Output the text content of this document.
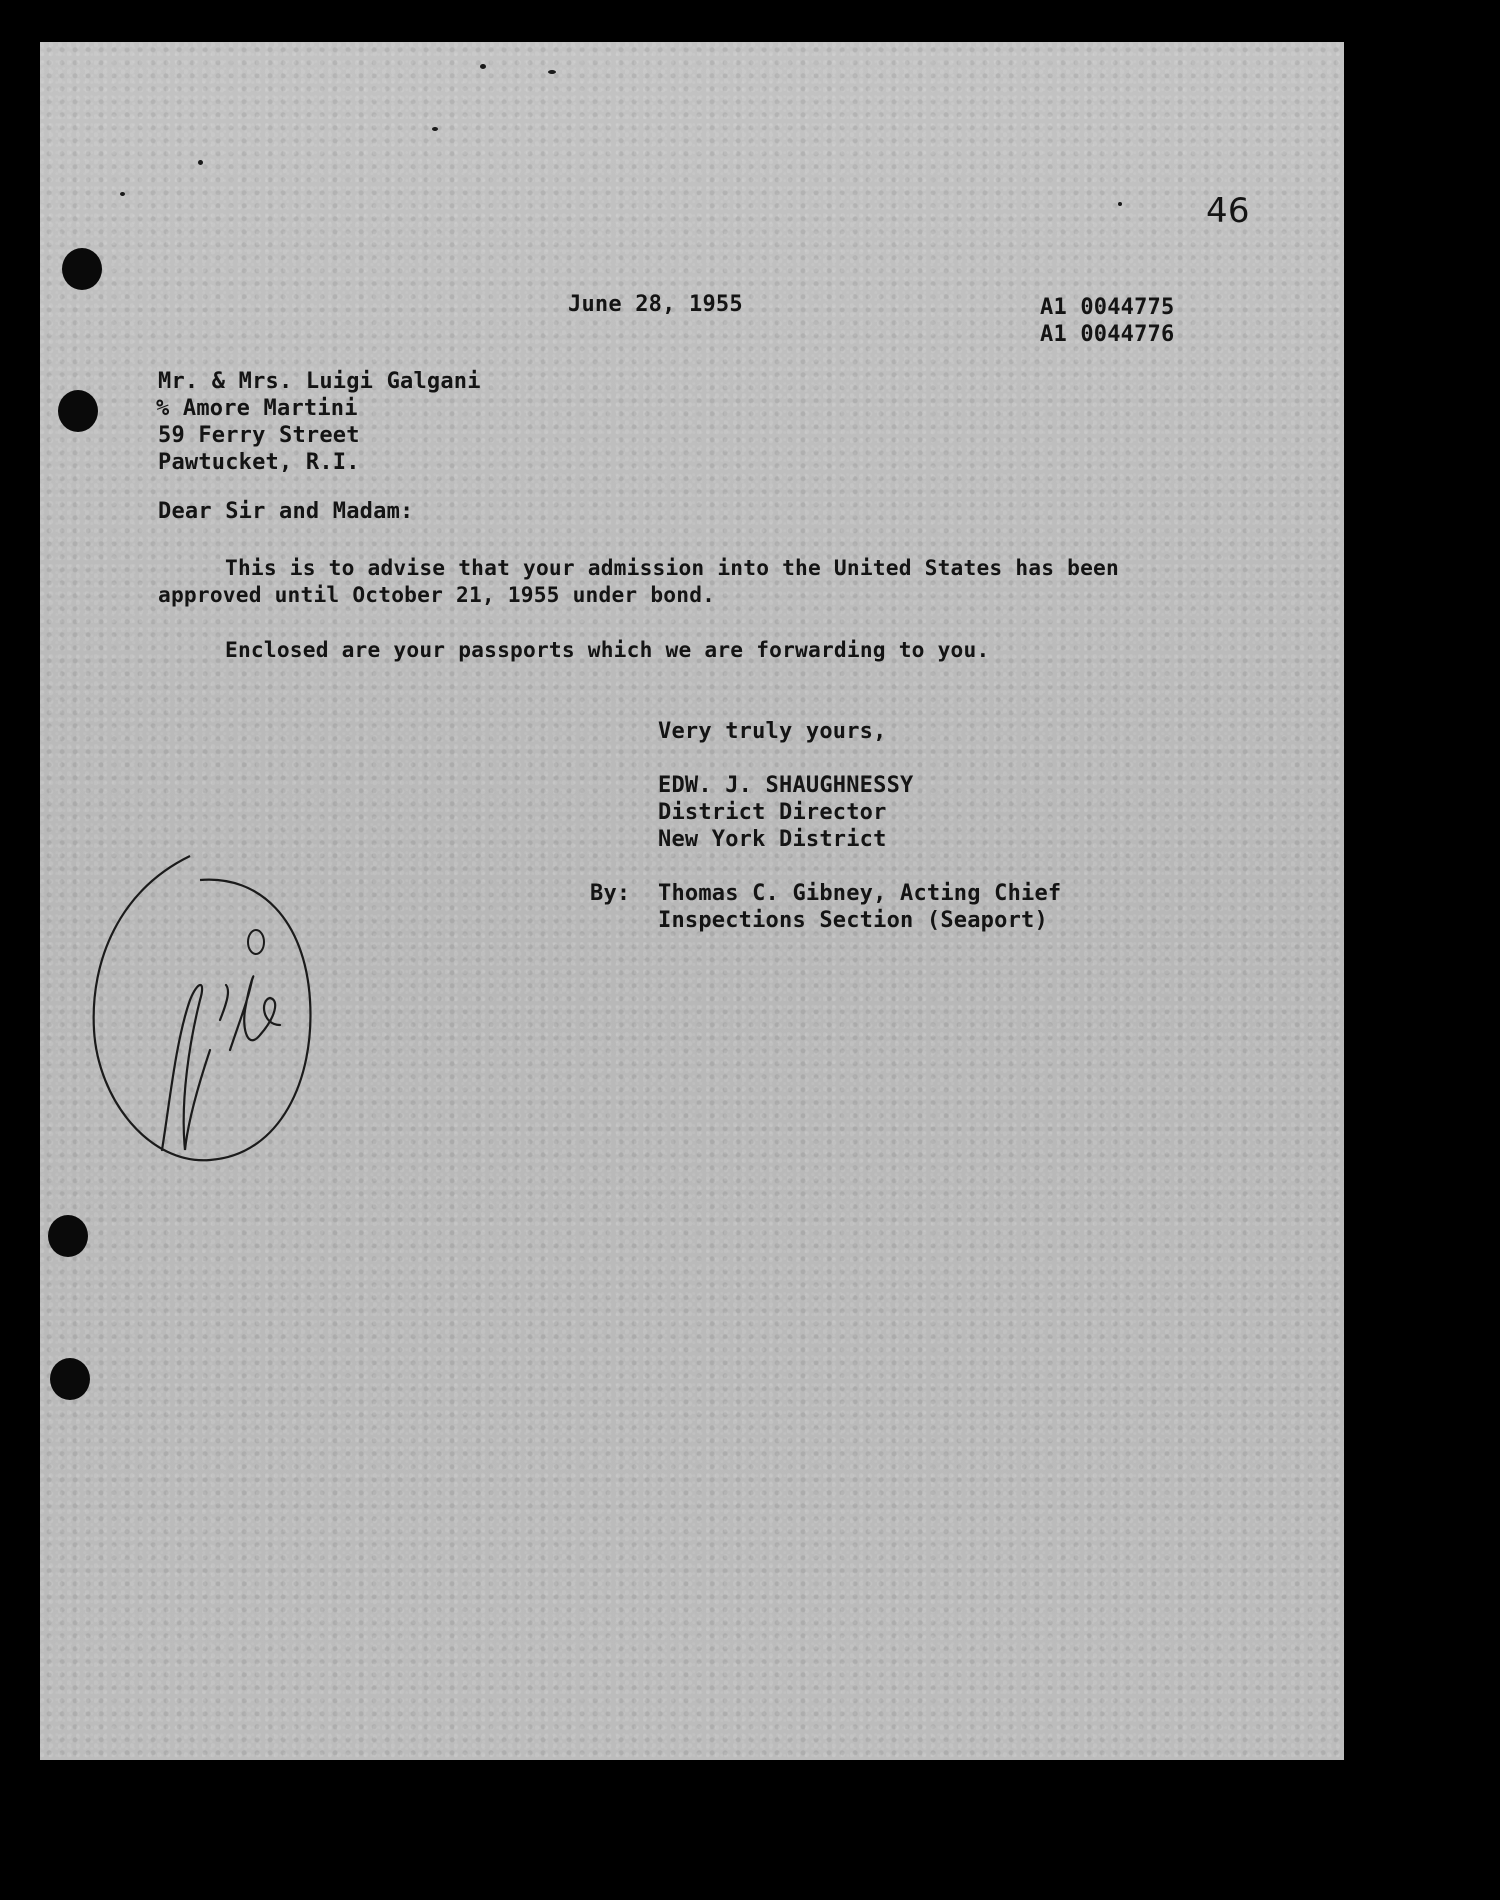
46
June 28, 1955	A1 0044775
A1 0044776
Mr. & Mrs. Luigi Galgani
% Amore Martini
59 Ferry Street
Pawtucket, R.I.
Dear Sir and Madam:
This is to advise that your admission into the United States has been
approved until October 21, 1955 under bond.
Enclosed are your passports which we are forwarding to you.
Very truly yours,
EDW. J. SHAUGHNESSY
District Director
New York District
By: Thomas C. Gibney, Acting Chief
Inspections Section (Seaport)
